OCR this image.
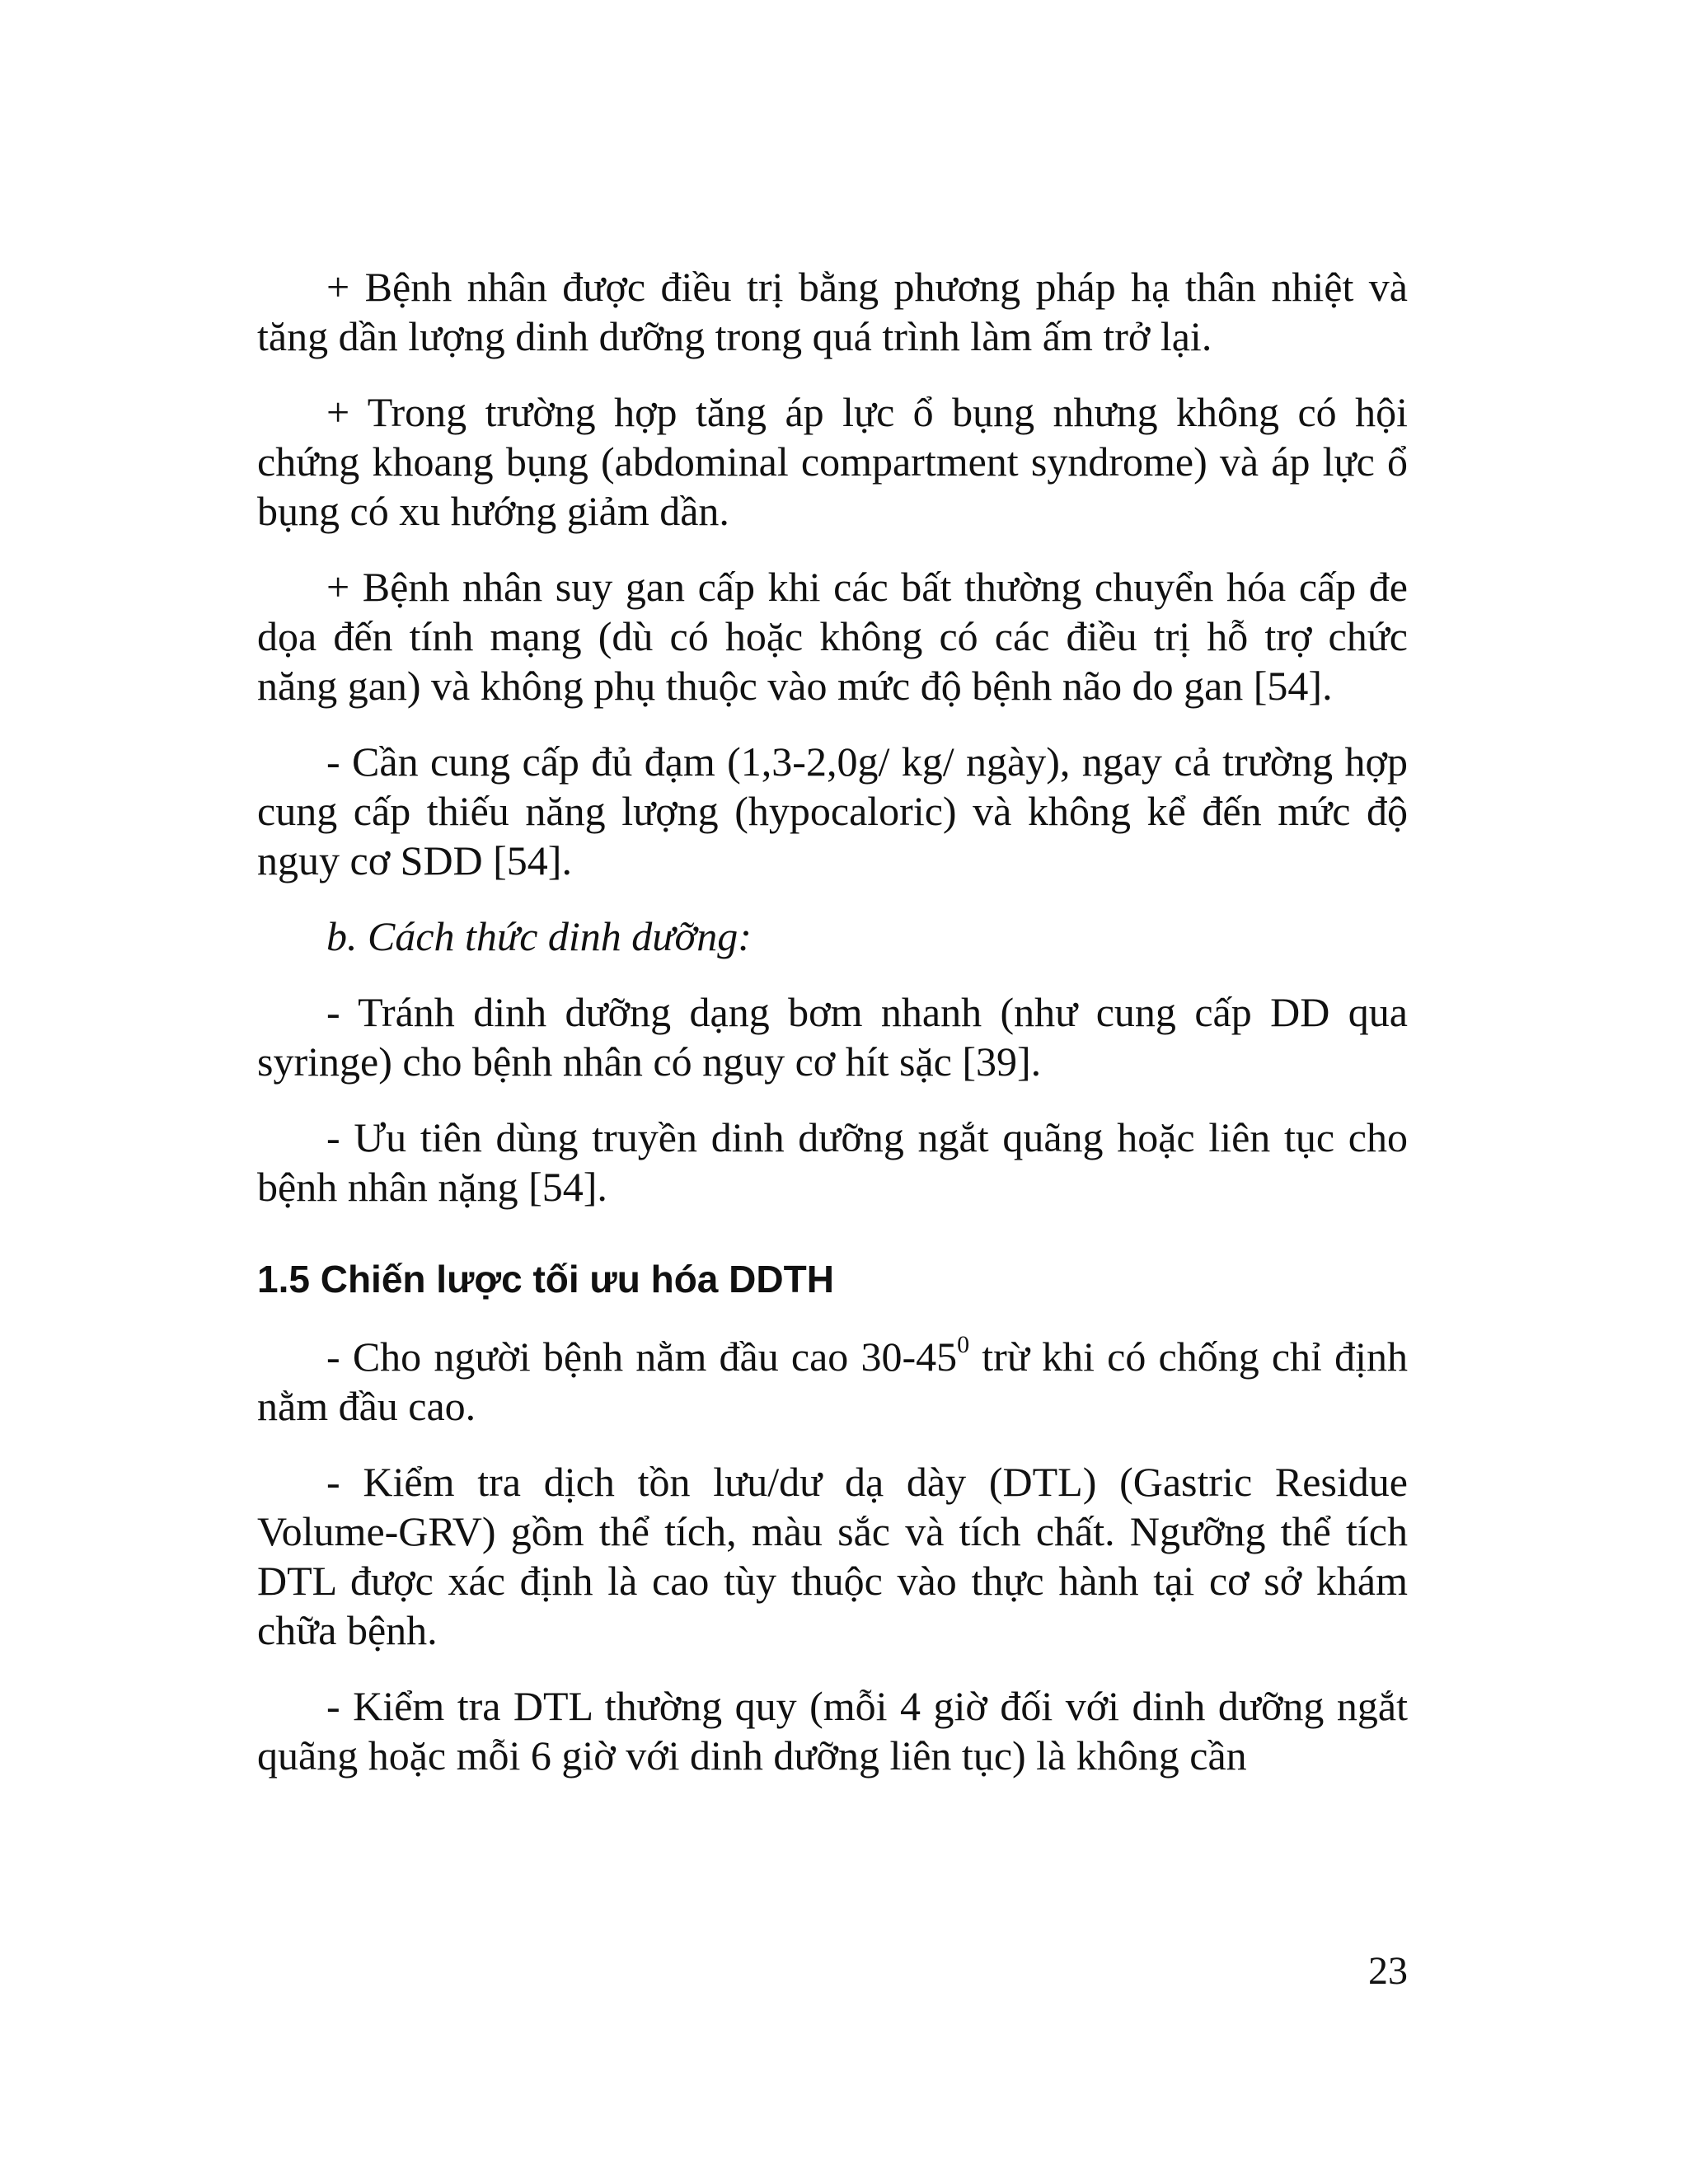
+ Bệnh nhân được điều trị bằng phương pháp hạ thân nhiệt và tăng dần lượng dinh dưỡng trong quá trình làm ấm trở lại.

+ Trong trường hợp tăng áp lực ổ bụng nhưng không có hội chứng khoang bụng (abdominal compartment syndrome) và áp lực ổ bụng có xu hướng giảm dần.

+ Bệnh nhân suy gan cấp khi các bất thường chuyển hóa cấp đe dọa đến tính mạng (dù có hoặc không có các điều trị hỗ trợ chức năng gan) và không phụ thuộc vào mức độ bệnh não do gan [54].

- Cần cung cấp đủ đạm (1,3-2,0g/ kg/ ngày), ngay cả trường hợp cung cấp thiếu năng lượng (hypocaloric) và không kể đến mức độ nguy cơ SDD [54].

b. Cách thức dinh dưỡng:

- Tránh dinh dưỡng dạng bơm nhanh (như cung cấp DD qua syringe) cho bệnh nhân có nguy cơ hít sặc [39].

- Ưu tiên dùng truyền dinh dưỡng ngắt quãng hoặc liên tục cho bệnh nhân nặng [54].

1.5 Chiến lược tối ưu hóa DDTH

- Cho người bệnh nằm đầu cao $30-45^0$ trừ khi có chống chỉ định nằm đầu cao.

- Kiểm tra dịch tồn lưu/dư dạ dày (DTL) (Gastric Residue Volume-GRV) gồm thể tích, màu sắc và tích chất. Ngưỡng thể tích DTL được xác định là cao tùy thuộc vào thực hành tại cơ sở khám chữa bệnh.

- Kiểm tra DTL thường quy (mỗi 4 giờ đối với dinh dưỡng ngắt quãng hoặc mỗi 6 giờ với dinh dưỡng liên tục) là không cần

23
